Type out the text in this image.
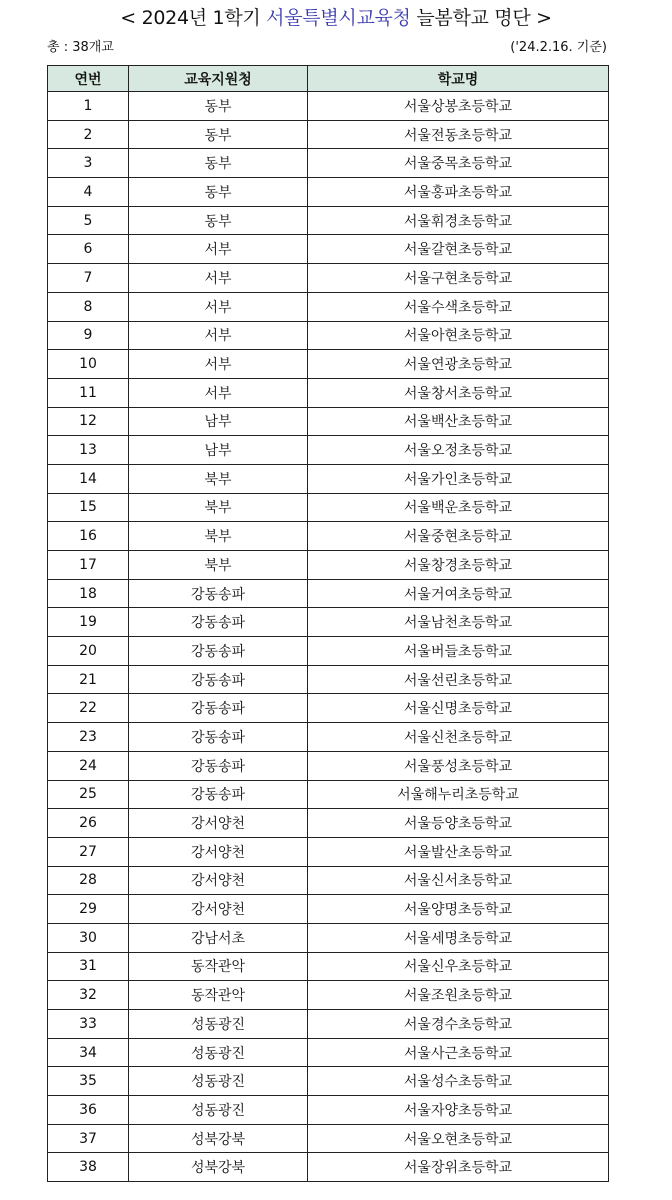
< 2024년 1학기 서울특별시교육청 늘봄학교 명단 >
총 : 38개교	('24.2.16. 기준)
연번	교육지원청	학교명
1	동부	서울상봉초등학교
2	동부	서울전동초등학교
3	동부	서울중목초등학교
4	동부	서울홍파초등학교
5	동부	서울휘경초등학교
6	서부	서울갈현초등학교
7	서부	서울구현초등학교
8	서부	서울수색초등학교
9	서부	서울아현초등학교
10	서부	서울연광초등학교
11	서부	서울창서초등학교
12	남부	서울백산초등학교
13	남부	서울오정초등학교
14	북부	서울가인초등학교
15	북부	서울백운초등학교
16	북부	서울중현초등학교
17	북부	서울창경초등학교
18	강동송파	서울거여초등학교
19	강동송파	서울남천초등학교
20	강동송파	서울버들초등학교
21	강동송파	서울선린초등학교
22	강동송파	서울신명초등학교
23	강동송파	서울신천초등학교
24	강동송파	서울풍성초등학교
25	강동송파	서울해누리초등학교
26	강서양천	서울등양초등학교
27	강서양천	서울발산초등학교
28	강서양천	서울신서초등학교
29	강서양천	서울양명초등학교
30	강남서초	서울세명초등학교
31	동작관악	서울신우초등학교
32	동작관악	서울조원초등학교
33	성동광진	서울경수초등학교
34	성동광진	서울사근초등학교
35	성동광진	서울성수초등학교
36	성동광진	서울자양초등학교
37	성북강북	서울오현초등학교
38	성북강북	서울장위초등학교
